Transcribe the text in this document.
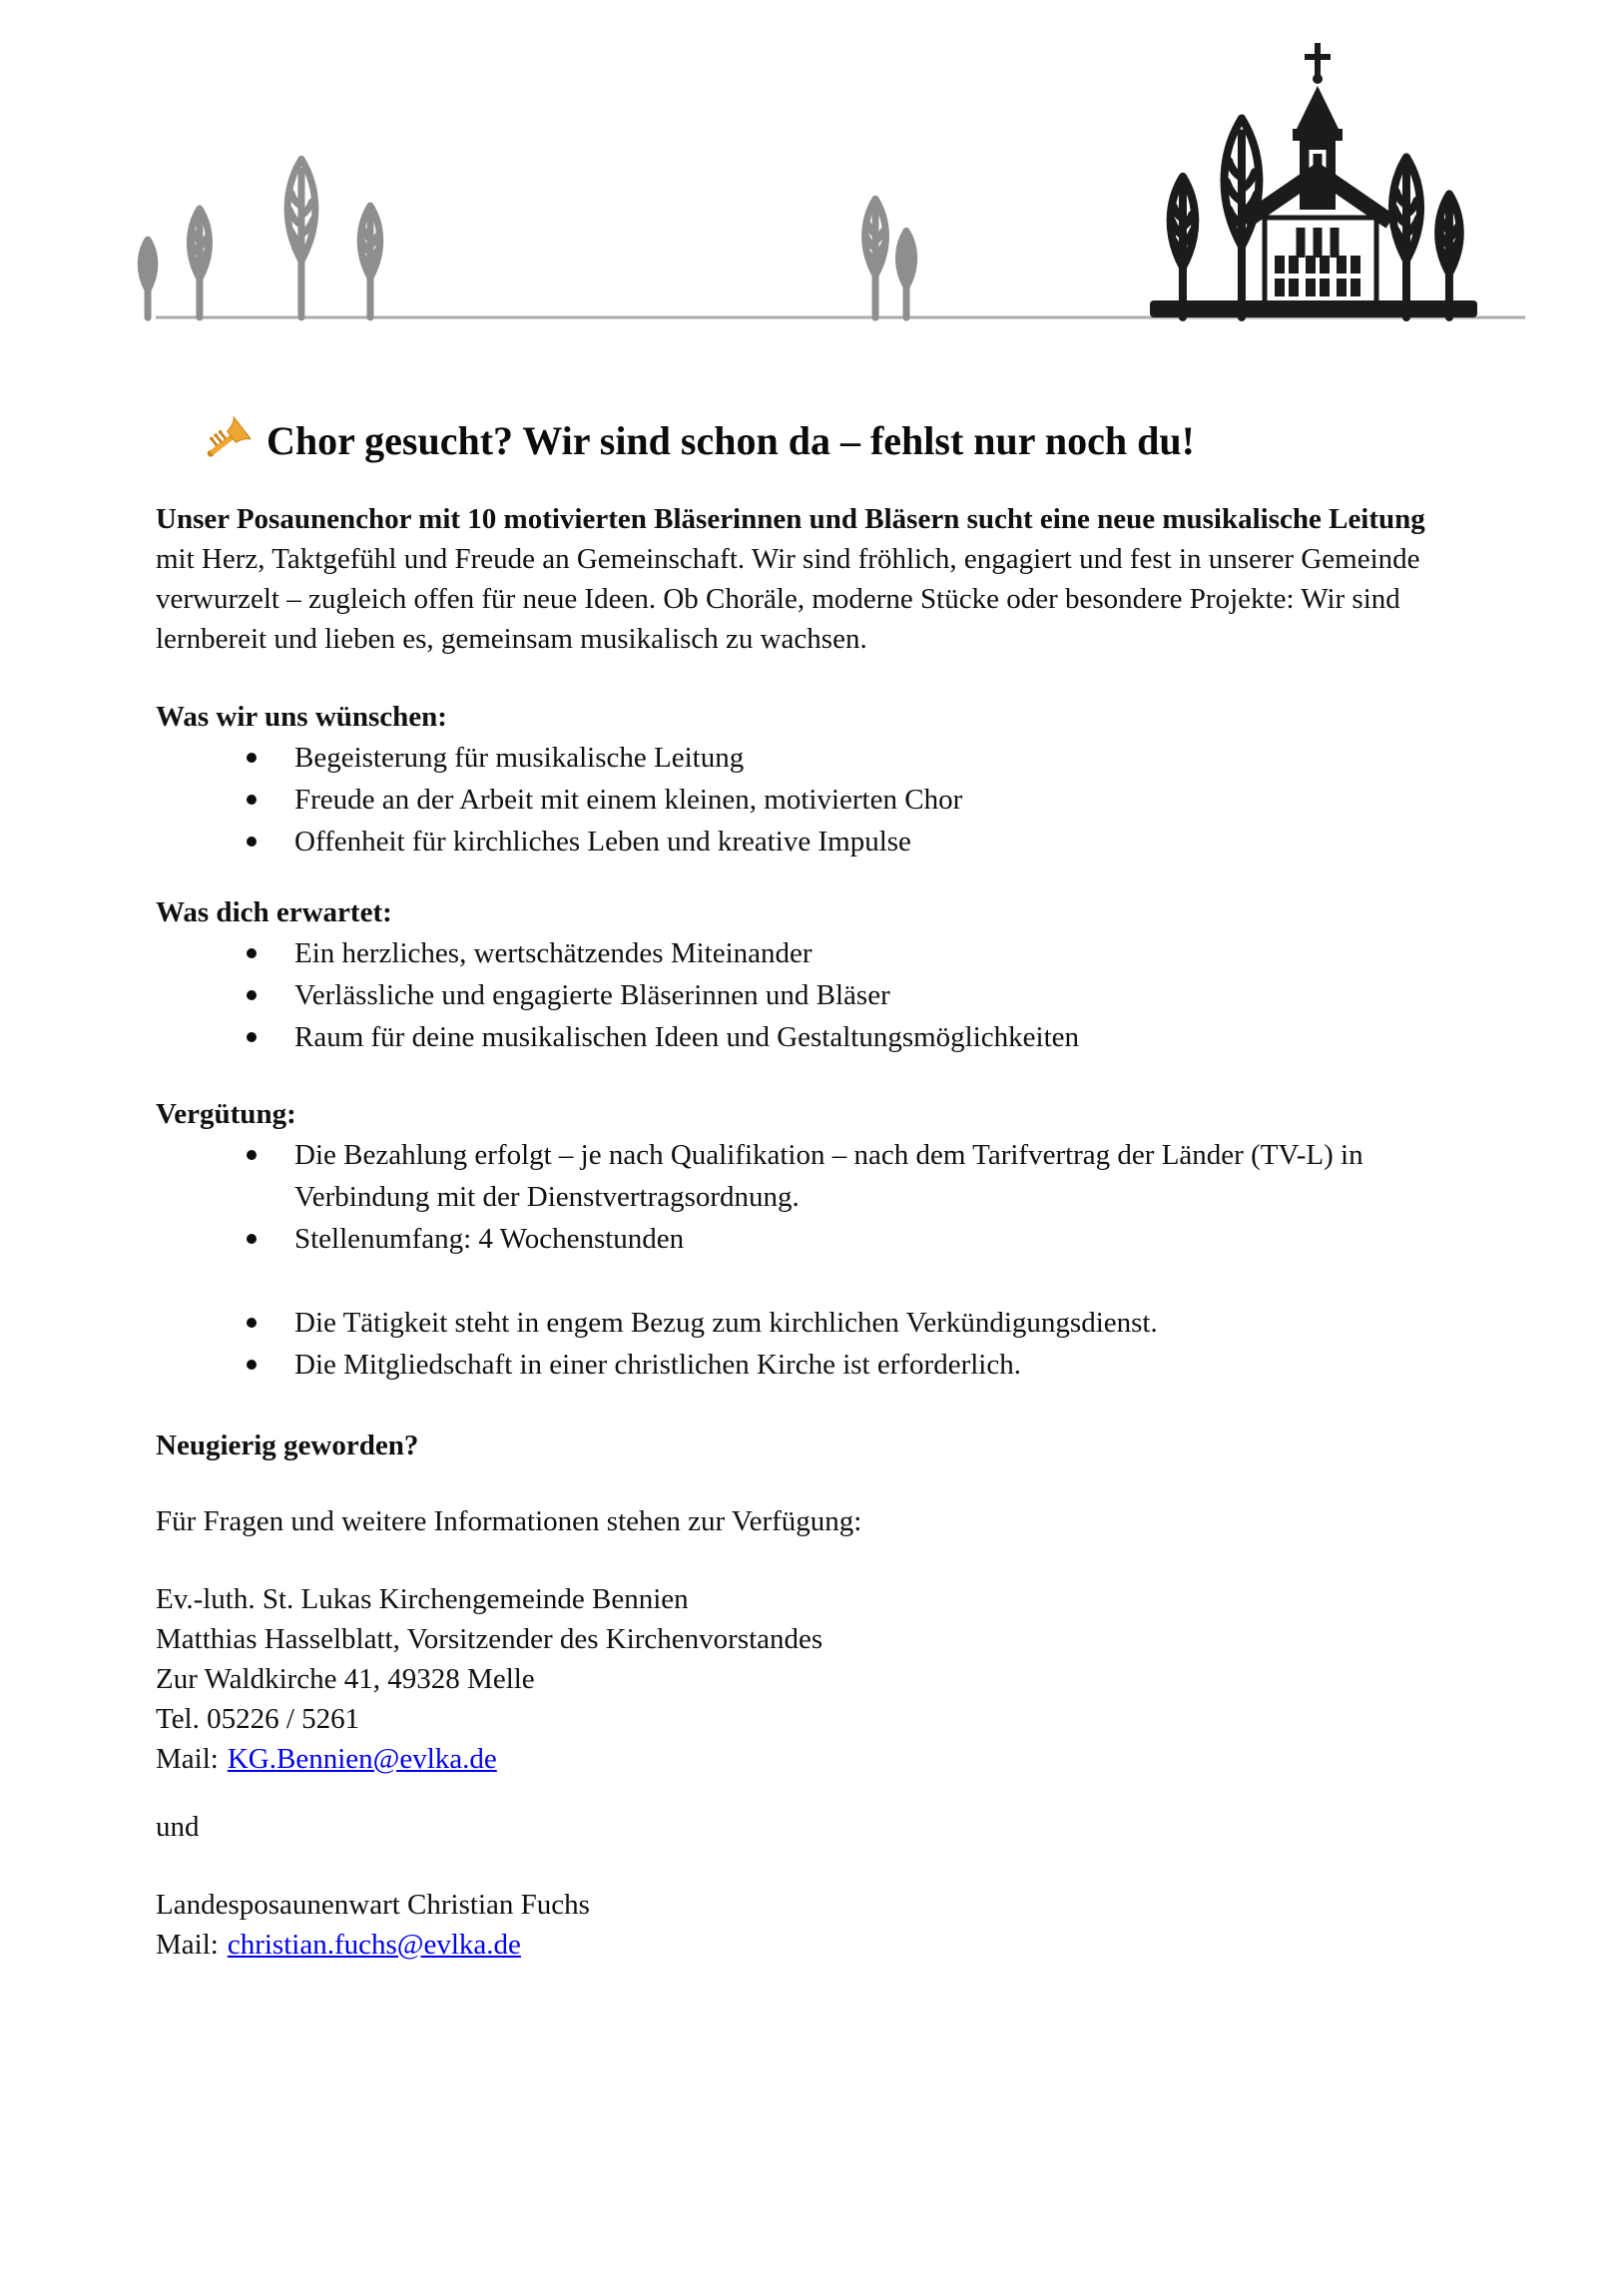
Chor gesucht? Wir sind schon da – fehlst nur noch du!

Unser Posaunenchor mit 10 motivierten Bläserinnen und Bläsern sucht eine neue musikalische Leitung mit Herz, Taktgefühl und Freude an Gemeinschaft. Wir sind fröhlich, engagiert und fest in unserer Gemeinde verwurzelt – zugleich offen für neue Ideen. Ob Choräle, moderne Stücke oder besondere Projekte: Wir sind lernbereit und lieben es, gemeinsam musikalisch zu wachsen.

Was wir uns wünschen:
Begeisterung für musikalische Leitung
Freude an der Arbeit mit einem kleinen, motivierten Chor
Offenheit für kirchliches Leben und kreative Impulse
Was dich erwartet:
Ein herzliches, wertschätzendes Miteinander
Verlässliche und engagierte Bläserinnen und Bläser
Raum für deine musikalischen Ideen und Gestaltungsmöglichkeiten
Vergütung:
Die Bezahlung erfolgt – je nach Qualifikation – nach dem Tarifvertrag der Länder (TV-L) in Verbindung mit der Dienstvertragsordnung.
Stellenumfang: 4 Wochenstunden
Die Tätigkeit steht in engem Bezug zum kirchlichen Verkündigungsdienst.
Die Mitgliedschaft in einer christlichen Kirche ist erforderlich.
Neugierig geworden?

Für Fragen und weitere Informationen stehen zur Verfügung:

Ev.-luth. St. Lukas Kirchengemeinde Bennien
Matthias Hasselblatt, Vorsitzender des Kirchenvorstandes
Zur Waldkirche 41, 49328 Melle
Tel. 05226 / 5261
Mail: KG.Bennien@evlka.de

und

Landesposaunenwart Christian Fuchs
Mail: christian.fuchs@evlka.de
